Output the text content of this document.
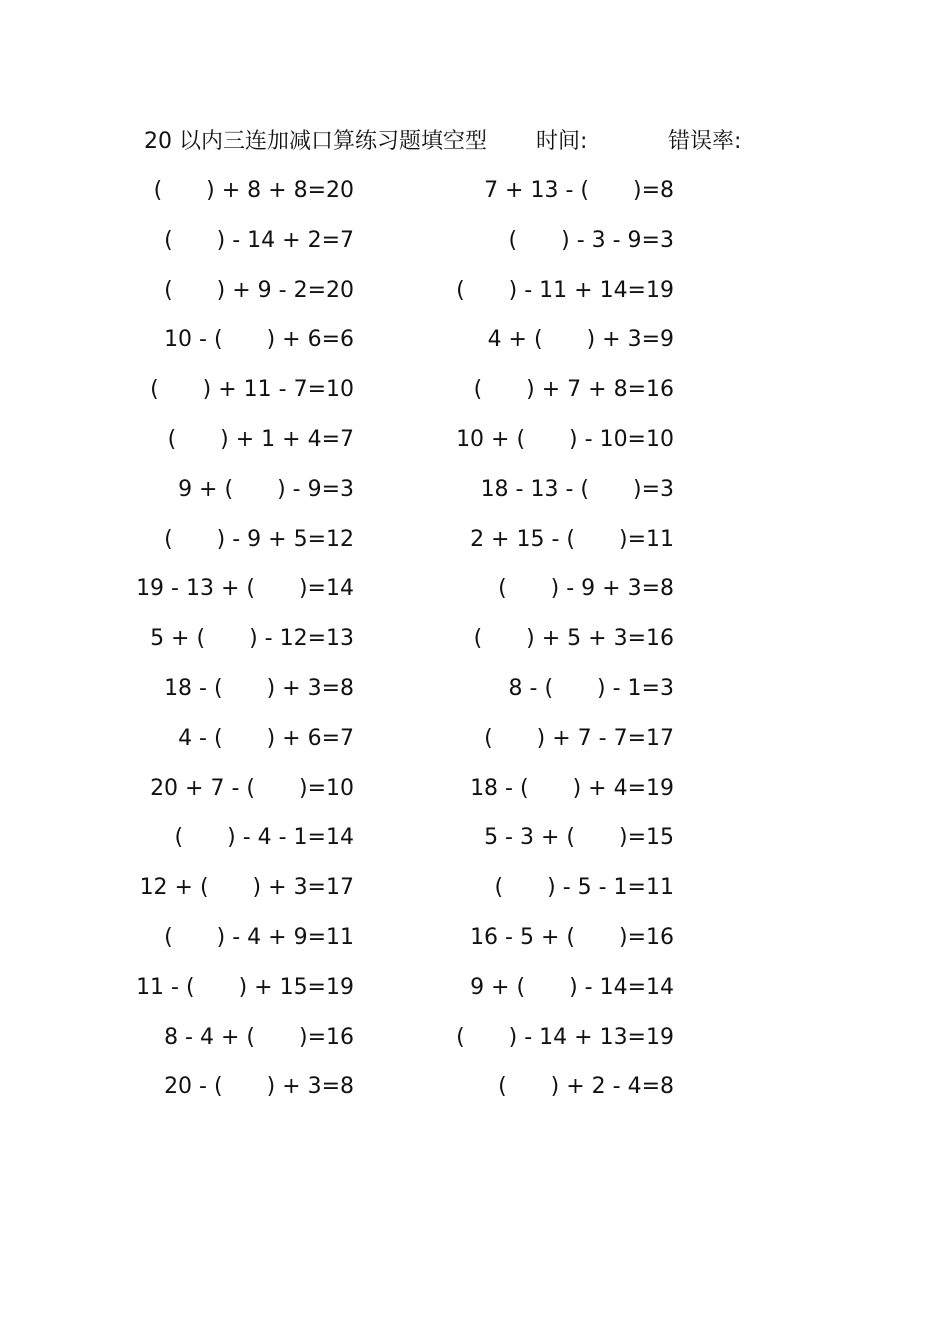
20 以内三连加减口算练习题填空型 时间:	错误率:
(　　) + 8 + 8=20
(　　) - 14 + 2=7
(　　) + 9 - 2=20
10 - (　　) + 6=6
(　　) + 11 - 7=10
(　　) + 1 + 4=7
9 + (　　) - 9=3
(　　) - 9 + 5=12
19 - 13 + (　　)=14
5 + (　　) - 12=13
18 - (　　) + 3=8
4 - (　　) + 6=7
20 + 7 - (　　)=10
(　　) - 4 - 1=14
12 + (　　) + 3=17
(　　) - 4 + 9=11
11 - (　　) + 15=19
8 - 4 + (　　)=16
20 - (　　) + 3=8
7 + 13 - (　　)=8
(　　) - 3 - 9=3
(　　) - 11 + 14=19
4 + (　　) + 3=9
(　　) + 7 + 8=16
10 + (　　) - 10=10
18 - 13 - (　　)=3
2 + 15 - (　　)=11
(　　) - 9 + 3=8
(　　) + 5 + 3=16
8 - (　　) - 1=3
(　　) + 7 - 7=17
18 - (　　) + 4=19
5 - 3 + (　　)=15
(　　) - 5 - 1=11
16 - 5 + (　　)=16
9 + (　　) - 14=14
(　　) - 14 + 13=19
(　　) + 2 - 4=8
